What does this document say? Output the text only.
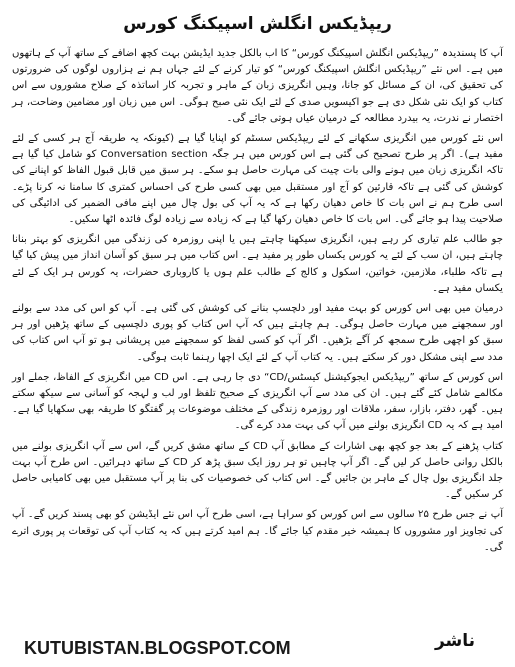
ریپڈیکس انگلش اسپیکنگ کورس

آپ کا پسندیدہ ”ریپڈیکس انگلش اسپیکنگ کورس“ کا اب بالکل جدید ایڈیشن بہت کچھ اضافے کے ساتھ آپ کے ہاتھوں میں ہے۔ اس نئے ”ریپڈیکس انگلش اسپیکنگ کورس“ کو تیار کرنے کے لئے جہاں ہم نے ہزاروں لوگوں کی ضرورتوں کی تحقیق کی، ان کے مسائل کو جانا، وہیں انگریزی زبان کے ماہر و تجربہ کار اساتذہ کے صلاح مشوروں سے اس کتاب کو ایک نئی شکل دی ہے جو اکیسویں صدی کے لئے ایک نئی صبح ہوگی۔ اس میں زبان اور مضامین وضاحت، ہر اختصار نے ندرت، یہ بیدرد مطالعہ کے درمیان عیاں ہوتی جائے گی۔

اس نئے کورس میں انگریزی سکھانے کے لئے ریپڈیکس سسٹم کو اپنایا گیا ہے (کیونکہ یہ طریقہ آج ہر کسی کے لئے مفید ہے)۔ اگر پر طرح تصحیح کی گئی ہے اس کورس میں ہر جگہ Conversation section کو شامل کیا گیا ہے تاکہ انگریزی زبان میں ہونے والی بات چیت کی مہارت حاصل ہو سکے۔ ہر سبق میں قابل قبول الفاظ کو اپنانے کی کوشش کی گئی ہے تاکہ قارئین کو آج اور مستقبل میں بھی کسی طرح کی احساس کمتری کا سامنا نہ کرنا پڑے۔ اسی طرح ہم نے اس بات کا خاص دھیان رکھا ہے کہ یہ آپ کی بول چال میں اپنے مافی الضمیر کی ادائیگی کی صلاحیت پیدا ہو جائے گی۔ اس بات کا خاص دھیان رکھا گیا ہے کہ زیادہ سے زیادہ لوگ فائدہ اٹھا سکیں۔

جو طالب علم تیاری کر رہے ہیں، انگریزی سیکھنا چاہتے ہیں یا اپنی روزمرہ کی زندگی میں انگریزی کو بہتر بنانا چاہتے ہیں، ان سب کے لئے یہ کورس یکساں طور پر مفید ہے۔ اس کتاب میں ہر سبق کو آسان انداز میں پیش کیا گیا ہے تاکہ طلباء، ملازمین، خواتین، اسکول و کالج کے طالب علم ہوں یا کاروباری حضرات، یہ کورس ہر ایک کے لئے یکساں مفید ہے۔

درمیان میں بھی اس کورس کو بہت مفید اور دلچسپ بنانے کی کوشش کی گئی ہے۔ آپ کو اس کی مدد سے بولنے اور سمجھنے میں مہارت حاصل ہوگی۔ ہم چاہتے ہیں کہ آپ اس کتاب کو پوری دلچسپی کے ساتھ پڑھیں اور ہر سبق کو اچھی طرح سمجھ کر آگے بڑھیں۔ اگر آپ کو کسی لفظ کو سمجھنے میں پریشانی ہو تو آپ اس کتاب کی مدد سے اپنی مشکل دور کر سکتے ہیں۔ یہ کتاب آپ کے لئے ایک اچھا رہنما ثابت ہوگی۔

اس کورس کے ساتھ ”ریپڈیکس ایجوکیشنل کیسٹس/CD“ دی جا رہی ہے۔ اس CD میں انگریزی کے الفاظ، جملے اور مکالمے شامل کئے گئے ہیں۔ ان کی مدد سے آپ انگریزی کے صحیح تلفظ اور لب و لہجہ کو آسانی سے سیکھ سکتے ہیں۔ گھر، دفتر، بازار، سفر، ملاقات اور روزمرہ زندگی کے مختلف موضوعات پر گفتگو کا طریقہ بھی سکھایا گیا ہے۔ امید ہے کہ یہ CD انگریزی بولنے میں آپ کی بہت مدد کرے گی۔

کتاب پڑھنے کے بعد جو کچھ بھی اشارات کے مطابق آپ CD کے ساتھ مشق کریں گے، اس سے آپ انگریزی بولنے میں بالکل روانی حاصل کر لیں گے۔ اگر آپ چاہیں تو ہر روز ایک سبق پڑھ کر CD کے ساتھ دہرائیں۔ اس طرح آپ بہت جلد انگریزی بول چال کے ماہر بن جائیں گے۔ اس کتاب کی خصوصیات کی بنا پر آپ مستقبل میں بھی کامیابی حاصل کر سکیں گے۔

آپ نے جس طرح ۲۵ سالوں سے اس کورس کو سراہا ہے، اسی طرح آپ اس نئے ایڈیشن کو بھی پسند کریں گے۔ آپ کی تجاویز اور مشوروں کا ہمیشہ خیر مقدم کیا جائے گا۔ ہم امید کرتے ہیں کہ یہ کتاب آپ کی توقعات پر پوری اترے گی۔

ناشر
KUTUBISTAN.BLOGSPOT.COM
